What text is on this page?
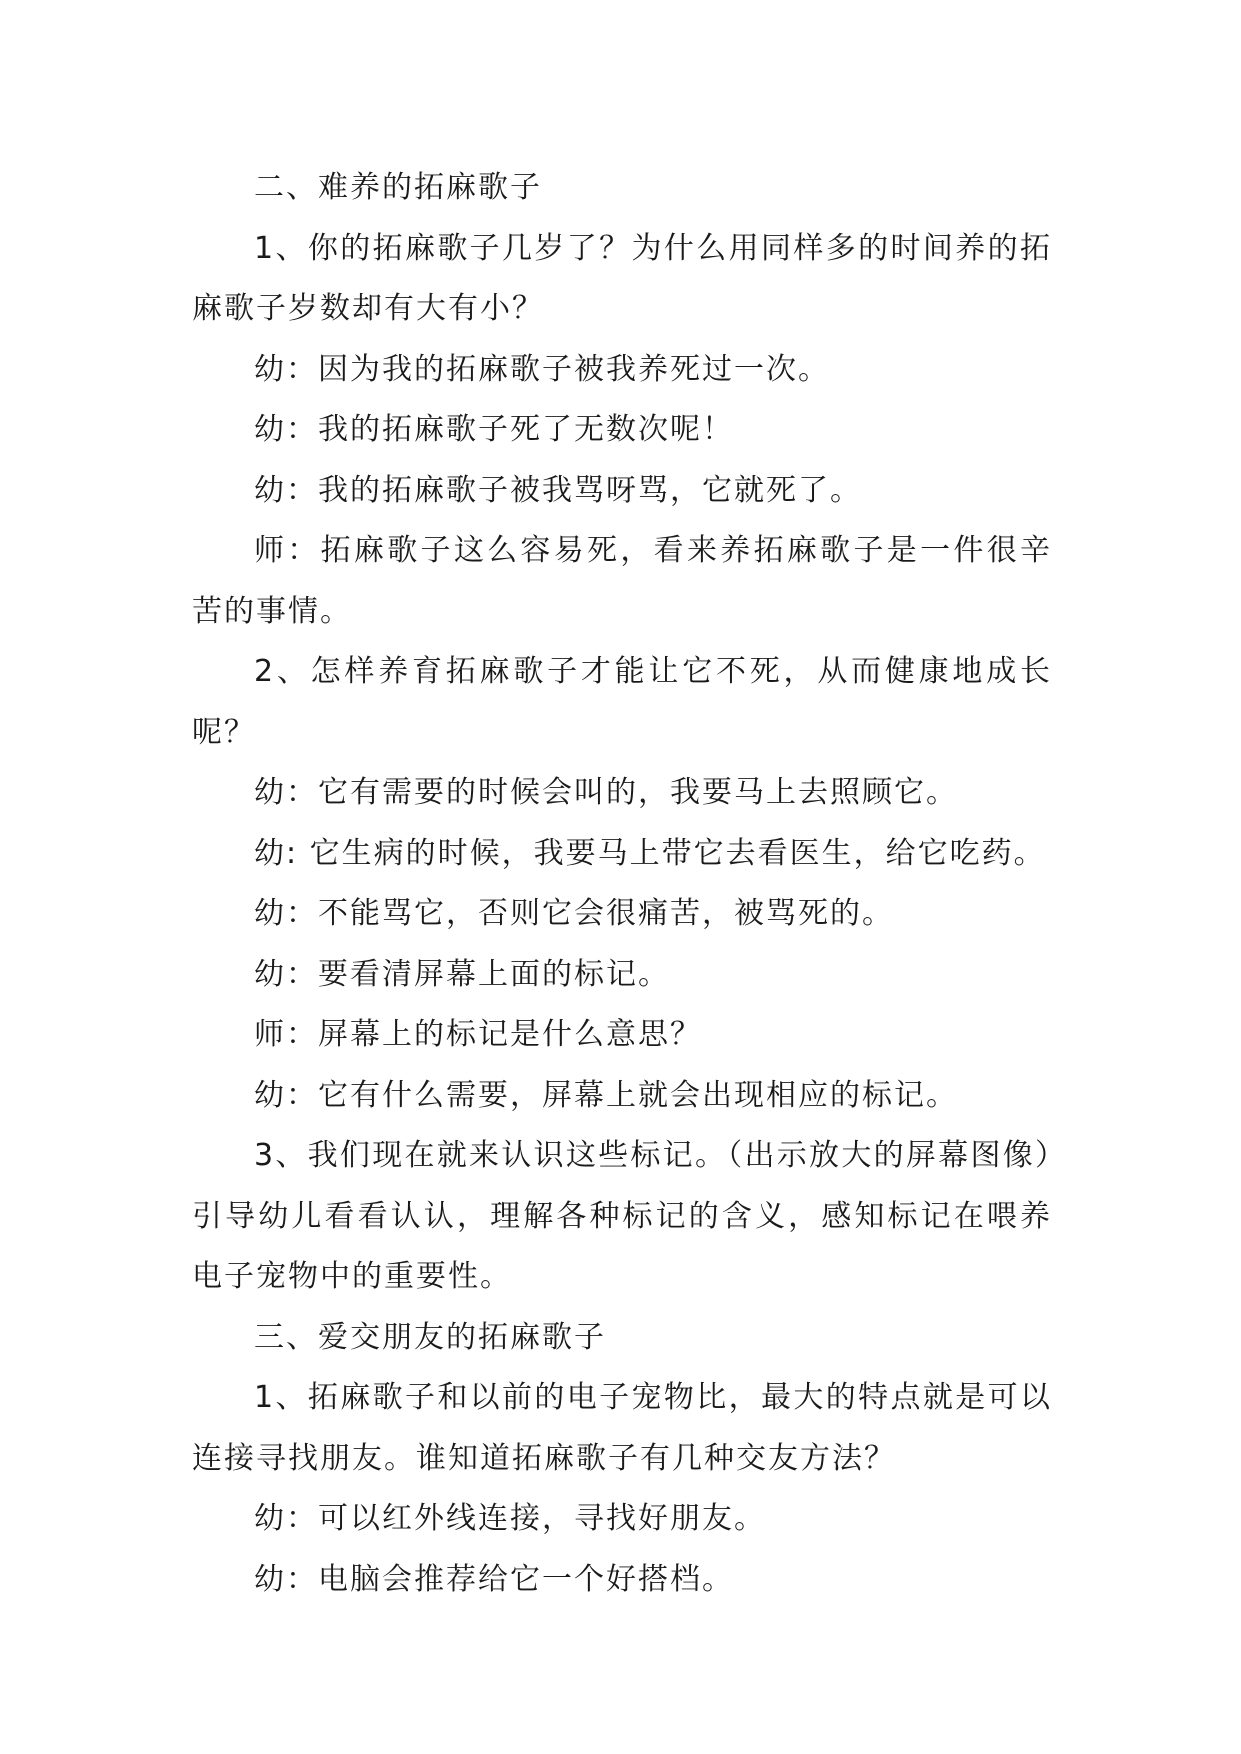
二、难养的拓麻歌子

1、你的拓麻歌子几岁了？为什么用同样多的时间养的拓麻歌子岁数却有大有小？

幼：因为我的拓麻歌子被我养死过一次。

幼：我的拓麻歌子死了无数次呢！

幼：我的拓麻歌子被我骂呀骂，它就死了。

师：拓麻歌子这么容易死，看来养拓麻歌子是一件很辛苦的事情。

2、怎样养育拓麻歌子才能让它不死，从而健康地成长呢？

幼：它有需要的时候会叫的，我要马上去照顾它。

幼: 它生病的时候，我要马上带它去看医生，给它吃药。

幼：不能骂它，否则它会很痛苦，被骂死的。

幼：要看清屏幕上面的标记。

师：屏幕上的标记是什么意思？

幼：它有什么需要，屏幕上就会出现相应的标记。

3、我们现在就来认识这些标记。（出示放大的屏幕图像）引导幼儿看看认认，理解各种标记的含义，感知标记在喂养电子宠物中的重要性。

三、爱交朋友的拓麻歌子

1、拓麻歌子和以前的电子宠物比，最大的特点就是可以连接寻找朋友。谁知道拓麻歌子有几种交友方法？

幼：可以红外线连接，寻找好朋友。

幼：电脑会推荐给它一个好搭档。
